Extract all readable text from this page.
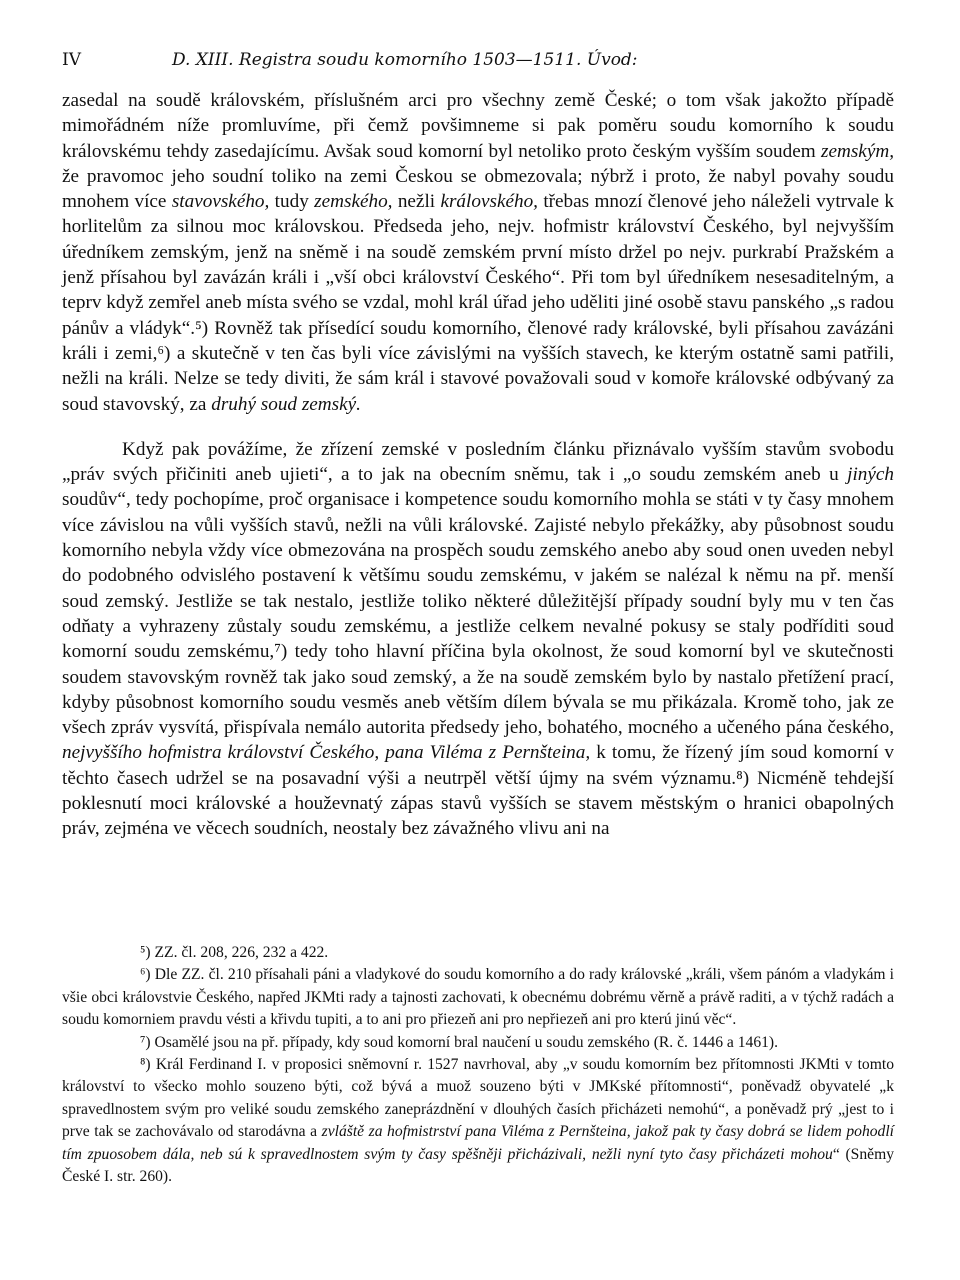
IV	D. XIII. Registra soudu komorního 1503—1511. Úvod:

zasedal na soudě královském, příslušném arci pro všechny země České; o tom však jakožto případě mimořádném níže promluvíme, při čemž povšimneme si pak poměru soudu komorního k soudu královskému tehdy zasedajícímu. Avšak soud komorní byl netoliko proto českým vyšším soudem zemským, že pravomoc jeho soudní toliko na zemi Českou se obmezovala; nýbrž i proto, že nabyl povahy soudu mnohem více stavovského, tudy zemského, nežli královského, třebas mnozí členové jeho náleželi vytrvale k horlitelům za silnou moc královskou. Předseda jeho, nejv. hofmistr království Českého, byl nejvyšším úředníkem zemským, jenž na sněmě i na soudě zemském první místo držel po nejv. purkrabí Pražském a jenž přísahou byl zavázán králi i „vší obci království Českého“. Při tom byl úředníkem nesesaditelným, a teprv když zemřel aneb místa svého se vzdal, mohl král úřad jeho uděliti jiné osobě stavu panského „s radou pánův a vládyk“.⁵) Rovněž tak přísedící soudu komorního, členové rady královské, byli přísahou zavázáni králi i zemi,⁶) a skutečně v ten čas byli více závislými na vyšších stavech, ke kterým ostatně sami patřili, nežli na králi. Nelze se tedy diviti, že sám král i stavové považovali soud v komoře královské odbývaný za soud stavovský, za druhý soud zemský.

Když pak povážíme, že zřízení zemské v posledním článku přiznávalo vyšším stavům svobodu „práv svých přičiniti aneb ujieti“, a to jak na obecním sněmu, tak i „o soudu zemském aneb u jiných soudův“, tedy pochopíme, proč organisace i kompetence soudu komorního mohla se státi v ty časy mnohem více závislou na vůli vyšších stavů, nežli na vůli královské. Zajisté nebylo překážky, aby působnost soudu komorního nebyla vždy více obmezována na prospěch soudu zemského anebo aby soud onen uveden nebyl do podobného odvislého postavení k většímu soudu zemskému, v jakém se nalézal k němu na př. menší soud zemský. Jestliže se tak nestalo, jestliže toliko některé důležitější případy soudní byly mu v ten čas odňaty a vyhrazeny zůstaly soudu zemskému, a jestliže celkem nevalné pokusy se staly podříditi soud komorní soudu zemskému,⁷) tedy toho hlavní příčina byla okolnost, že soud komorní byl ve skutečnosti soudem stavovským rovněž tak jako soud zemský, a že na soudě zemském bylo by nastalo přetížení prací, kdyby působnost komorního soudu vesměs aneb větším dílem bývala se mu přikázala. Kromě toho, jak ze všech zpráv vysvítá, přispívala nemálo autorita předsedy jeho, bohatého, mocného a učeného pána českého, nejvyššího hofmistra království Českého, pana Viléma z Pernšteina, k tomu, že řízený jím soud komorní v těchto časech udržel se na posavadní výši a neutrpěl větší újmy na svém významu.⁸) Nicméně tehdejší poklesnutí moci královské a houževnatý zápas stavů vyšších se stavem městským o hranici obapolných práv, zejména ve věcech soudních, neostaly bez závažného vlivu ani na

⁵) ZZ. čl. 208, 226, 232 a 422.

⁶) Dle ZZ. čl. 210 přísahali páni a vladykové do soudu komorního a do rady královské „králi, všem pánóm a vladykám i všie obci královstvie Českého, napřed JKMti rady a tajnosti zachovati, k obecnému dobrému věrně a právě raditi, a v týchž radách a soudu komorniem pravdu vésti a křivdu tupiti, a to ani pro přiezeň ani pro nepřiezeň ani pro kterú jinú věc“.

⁷) Osamělé jsou na př. případy, kdy soud komorní bral naučení u soudu zemského (R. č. 1446 a 1461).

⁸) Král Ferdinand I. v proposici sněmovní r. 1527 navrhoval, aby „v soudu komorním bez přítomnosti JKMti v tomto království to všecko mohlo souzeno býti, což bývá a muož souzeno býti v JMKské přítomnosti“, poněvadž obyvatelé „k spravedlnostem svým pro veliké soudu zemského zaneprázdnění v dlouhých časích přicházeti nemohú“, a poněvadž prý „jest to i prve tak se zachovávalo od starodávna a zvláště za hofmistrství pana Viléma z Pernšteina, jakož pak ty časy dobrá se lidem pohodlí tím zpuosobem dála, neb sú k spravedlnostem svým ty časy spěšněji přicházivali, nežli nyní tyto časy přicházeti mohou“ (Sněmy České I. str. 260).
